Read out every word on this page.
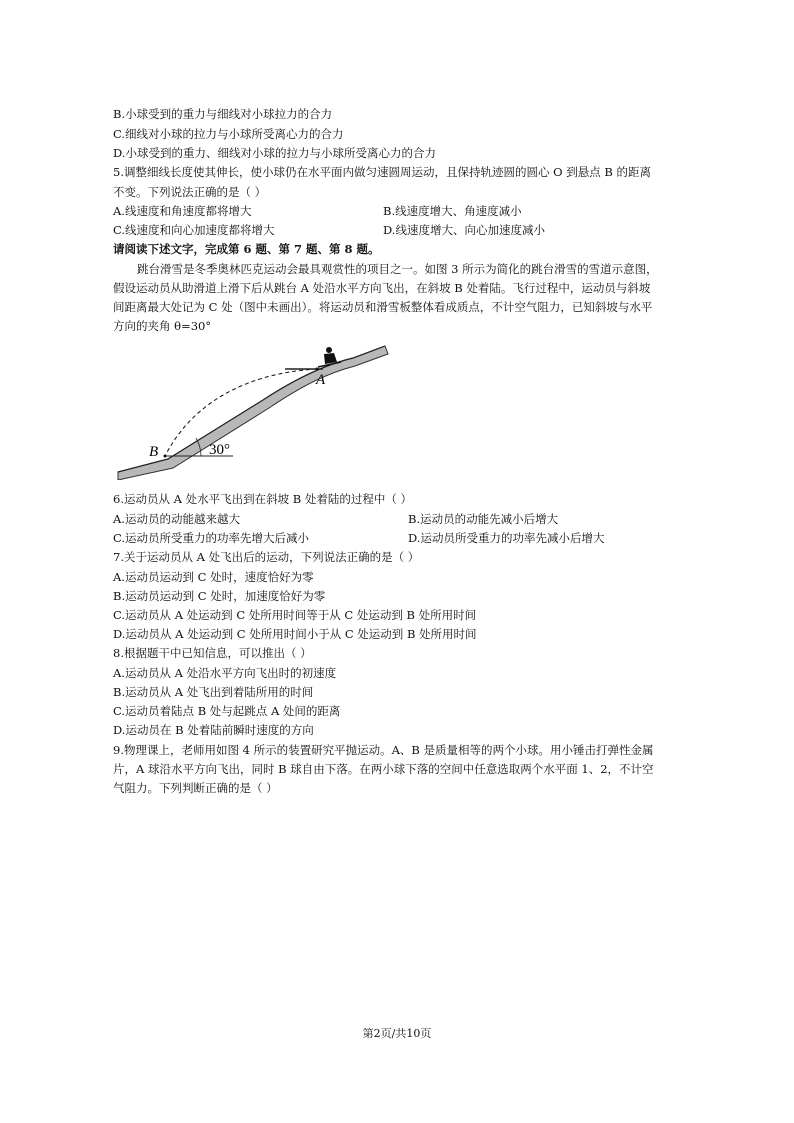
B.小球受到的重力与细线对小球拉力的合力
C.细线对小球的拉力与小球所受离心力的合力
D.小球受到的重力、细线对小球的拉力与小球所受离心力的合力
5.调整细线长度使其伸长，使小球仍在水平面内做匀速圆周运动，且保持轨迹圆的圆心 O 到悬点 B 的距离
不变。下列说法正确的是（ ）
A.线速度和角速度都将增大	B.线速度增大、角速度减小
C.线速度和向心加速度都将增大	D.线速度增大、向心加速度减小
请阅读下述文字，完成第 6 题、第 7 题、第 8 题。
跳台滑雪是冬季奥林匹克运动会最具观赏性的项目之一。如图 3 所示为简化的跳台滑雪的雪道示意图，
假设运动员从助滑道上滑下后从跳台 A 处沿水平方向飞出，在斜坡 B 处着陆。飞行过程中，运动员与斜坡
间距离最大处记为 C 处（图中未画出）。将运动员和滑雪板整体看成质点，不计空气阻力，已知斜坡与水平
方向的夹角 θ=30°
A
B	30°
6.运动员从 A 处水平飞出到在斜坡 B 处着陆的过程中（ ）
A.运动员的动能越来越大	B.运动员的动能先减小后增大
C.运动员所受重力的功率先增大后减小	D.运动员所受重力的功率先减小后增大
7.关于运动员从 A 处飞出后的运动，下列说法正确的是（ ）
A.运动员运动到 C 处时，速度恰好为零
B.运动员运动到 C 处时，加速度恰好为零
C.运动员从 A 处运动到 C 处所用时间等于从 C 处运动到 B 处所用时间
D.运动员从 A 处运动到 C 处所用时间小于从 C 处运动到 B 处所用时间
8.根据题干中已知信息，可以推出（ ）
A.运动员从 A 处沿水平方向飞出时的初速度
B.运动员从 A 处飞出到着陆所用的时间
C.运动员着陆点 B 处与起跳点 A 处间的距离
D.运动员在 B 处着陆前瞬时速度的方向
9.物理课上，老师用如图 4 所示的装置研究平抛运动。A、B 是质量相等的两个小球。用小锤击打弹性金属
片，A 球沿水平方向飞出，同时 B 球自由下落。在两小球下落的空间中任意选取两个水平面 1、2，不计空
气阻力。下列判断正确的是（ ）
第2页/共10页
